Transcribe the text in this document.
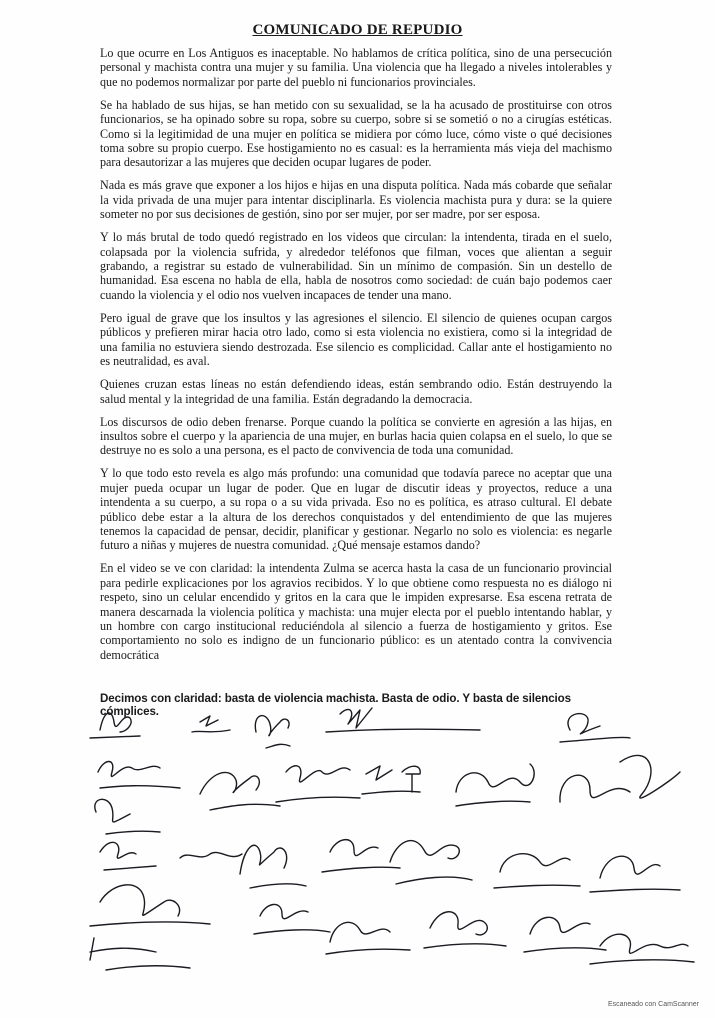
COMUNICADO DE REPUDIO

Lo que ocurre en Los Antiguos es inaceptable. No hablamos de crítica política, sino de una persecución personal y machista contra una mujer y su familia. Una violencia que ha llegado a niveles intolerables y que no podemos normalizar por parte del pueblo ni funcionarios provinciales.

Se ha hablado de sus hijas, se han metido con su sexualidad, se la ha acusado de prostituirse con otros funcionarios, se ha opinado sobre su ropa, sobre su cuerpo, sobre si se sometió o no a cirugías estéticas. Como si la legitimidad de una mujer en política se midiera por cómo luce, cómo viste o qué decisiones toma sobre su propio cuerpo. Ese hostigamiento no es casual: es la herramienta más vieja del machismo para desautorizar a las mujeres que deciden ocupar lugares de poder.

Nada es más grave que exponer a los hijos e hijas en una disputa política. Nada más cobarde que señalar la vida privada de una mujer para intentar disciplinarla. Es violencia machista pura y dura: se la quiere someter no por sus decisiones de gestión, sino por ser mujer, por ser madre, por ser esposa.

Y lo más brutal de todo quedó registrado en los videos que circulan: la intendenta, tirada en el suelo, colapsada por la violencia sufrida, y alrededor teléfonos que filman, voces que alientan a seguir grabando, a registrar su estado de vulnerabilidad. Sin un mínimo de compasión. Sin un destello de humanidad. Esa escena no habla de ella, habla de nosotros como sociedad: de cuán bajo podemos caer cuando la violencia y el odio nos vuelven incapaces de tender una mano.

Pero igual de grave que los insultos y las agresiones el silencio. El silencio de quienes ocupan cargos públicos y prefieren mirar hacia otro lado, como si esta violencia no existiera, como si la integridad de una familia no estuviera siendo destrozada. Ese silencio es complicidad. Callar ante el hostigamiento no es neutralidad, es aval.

Quienes cruzan estas líneas no están defendiendo ideas, están sembrando odio. Están destruyendo la salud mental y la integridad de una familia. Están degradando la democracia.

Los discursos de odio deben frenarse. Porque cuando la política se convierte en agresión a las hijas, en insultos sobre el cuerpo y la apariencia de una mujer, en burlas hacia quien colapsa en el suelo, lo que se destruye no es solo a una persona, es el pacto de convivencia de toda una comunidad.

Y lo que todo esto revela es algo más profundo: una comunidad que todavía parece no aceptar que una mujer pueda ocupar un lugar de poder. Que en lugar de discutir ideas y proyectos, reduce a una intendenta a su cuerpo, a su ropa o a su vida privada. Eso no es política, es atraso cultural. El debate público debe estar a la altura de los derechos conquistados y del entendimiento de que las mujeres tenemos la capacidad de pensar, decidir, planificar y gestionar. Negarlo no solo es violencia: es negarle futuro a niñas y mujeres de nuestra comunidad. ¿Qué mensaje estamos dando?

En el video se ve con claridad: la intendenta Zulma se acerca hasta la casa de un funcionario provincial para pedirle explicaciones por los agravios recibidos. Y lo que obtiene como respuesta no es diálogo ni respeto, sino un celular encendido y gritos en la cara que le impiden expresarse. Esa escena retrata de manera descarnada la violencia política y machista: una mujer electa por el pueblo intentando hablar, y un hombre con cargo institucional reduciéndola al silencio a fuerza de hostigamiento y gritos. Ese comportamiento no solo es indigno de un funcionario público: es un atentado contra la convivencia democrática

Decimos con claridad: basta de violencia machista. Basta de odio. Y basta de silencios cómplices.
Escaneado con CamScanner
